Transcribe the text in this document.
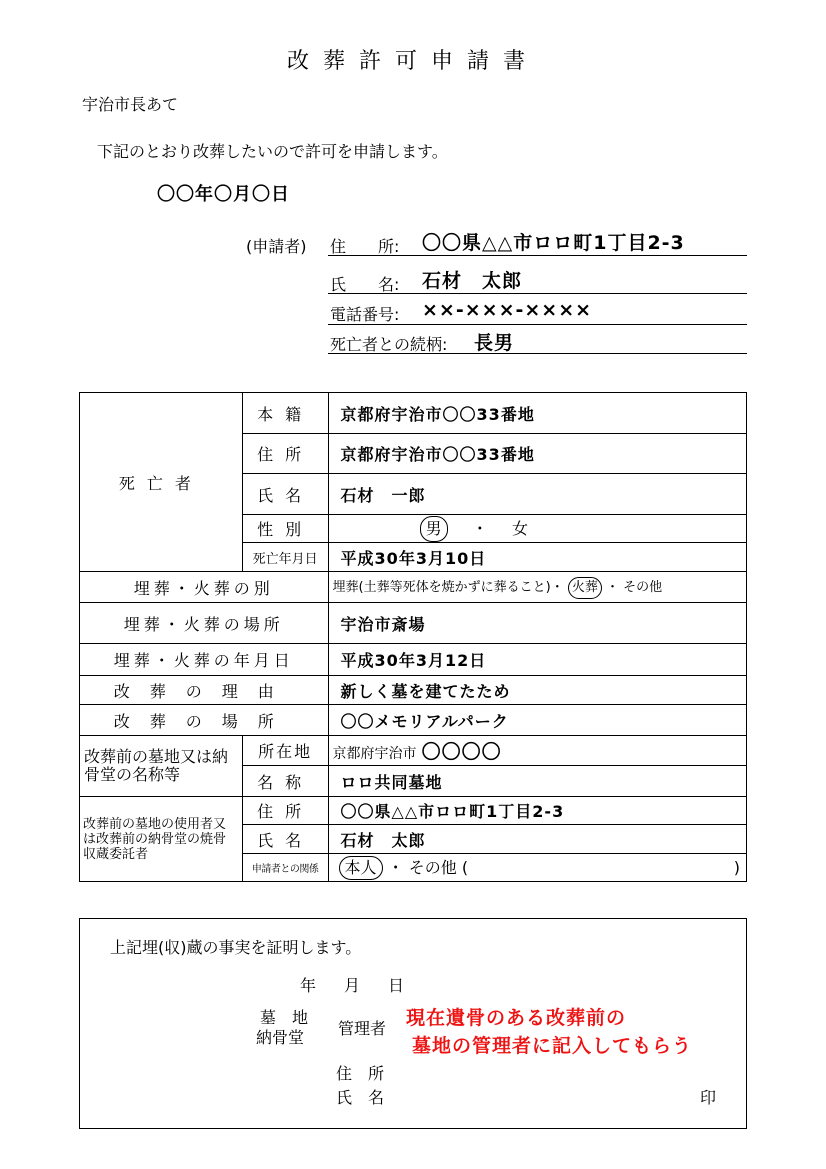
改葬許可申請書
宇治市長あて
下記のとおり改葬したいので許可を申請します。
〇〇年〇月〇日
(申請者) 住　　所: 〇〇県△△市ロロ町1丁目2-3
氏　　名: 石材　太郎
電話番号: ××-×××-××××
死亡者との続柄: 長男
死亡者	本籍	京都府宇治市〇〇33番地
	住所	京都府宇治市〇〇33番地
	氏名	石材　一郎
	性別	男 ・ 女
	死亡年月日	平成30年3月10日
埋葬・火葬の別		埋葬(土葬等死体を焼かずに葬ること)・ 火葬 ・ その他
埋葬・火葬の場所		宇治市斎場
埋葬・火葬の年月日		平成30年3月12日
改葬の理由		新しく墓を建てたため
改葬の場所		〇〇メモリアルパーク
改葬前の墓地又は納骨堂の名称等	所在地	京都府宇治市 〇〇〇〇
	名称	ロロ共同墓地
改葬前の墓地の使用者又は改葬前の納骨堂の焼骨収蔵委託者	住所	〇〇県△△市ロロ町1丁目2-3
	氏名	石材　太郎
	申請者との関係	本人 ・ その他 ( )
上記埋(収)蔵の事実を証明します。
年　月　日
墓　地
納骨堂 管理者 現在遺骨のある改葬前の
墓地の管理者に記入してもらう
住　所
氏　名	印
